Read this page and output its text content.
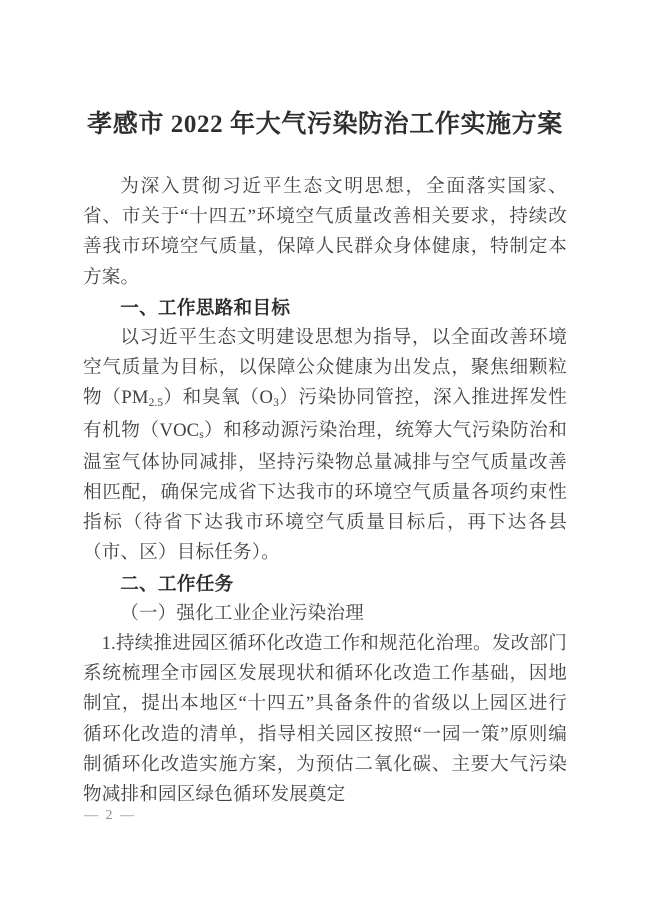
孝感市 2022 年大气污染防治工作实施方案

为深入贯彻习近平生态文明思想，全面落实国家、省、市关于“十四五”环境空气质量改善相关要求，持续改善我市环境空气质量，保障人民群众身体健康，特制定本方案。

一、工作思路和目标

以习近平生态文明建设思想为指导，以全面改善环境空气质量为目标，以保障公众健康为出发点，聚焦细颗粒物$(PM_{2.5})$和臭氧$(O_3)$污染协同管控，深入推进挥发性有机物$(VOC_s)$和移动源污染治理，统筹大气污染防治和温室气体协同减排，坚持污染物总量减排与空气质量改善相匹配，确保完成省下达我市的环境空气质量各项约束性指标（待省下达我市环境空气质量目标后，再下达各县（市、区）目标任务）。

二、工作任务

（一）强化工业企业污染治理

1.持续推进园区循环化改造工作和规范化治理。发改部门系统梳理全市园区发展现状和循环化改造工作基础，因地制宜，提出本地区“十四五”具备条件的省级以上园区进行循环化改造的清单，指导相关园区按照“一园一策”原则编制循环化改造实施方案，为预估二氧化碳、主要大气污染物减排和园区绿色循环发展奠定

— 2 —
